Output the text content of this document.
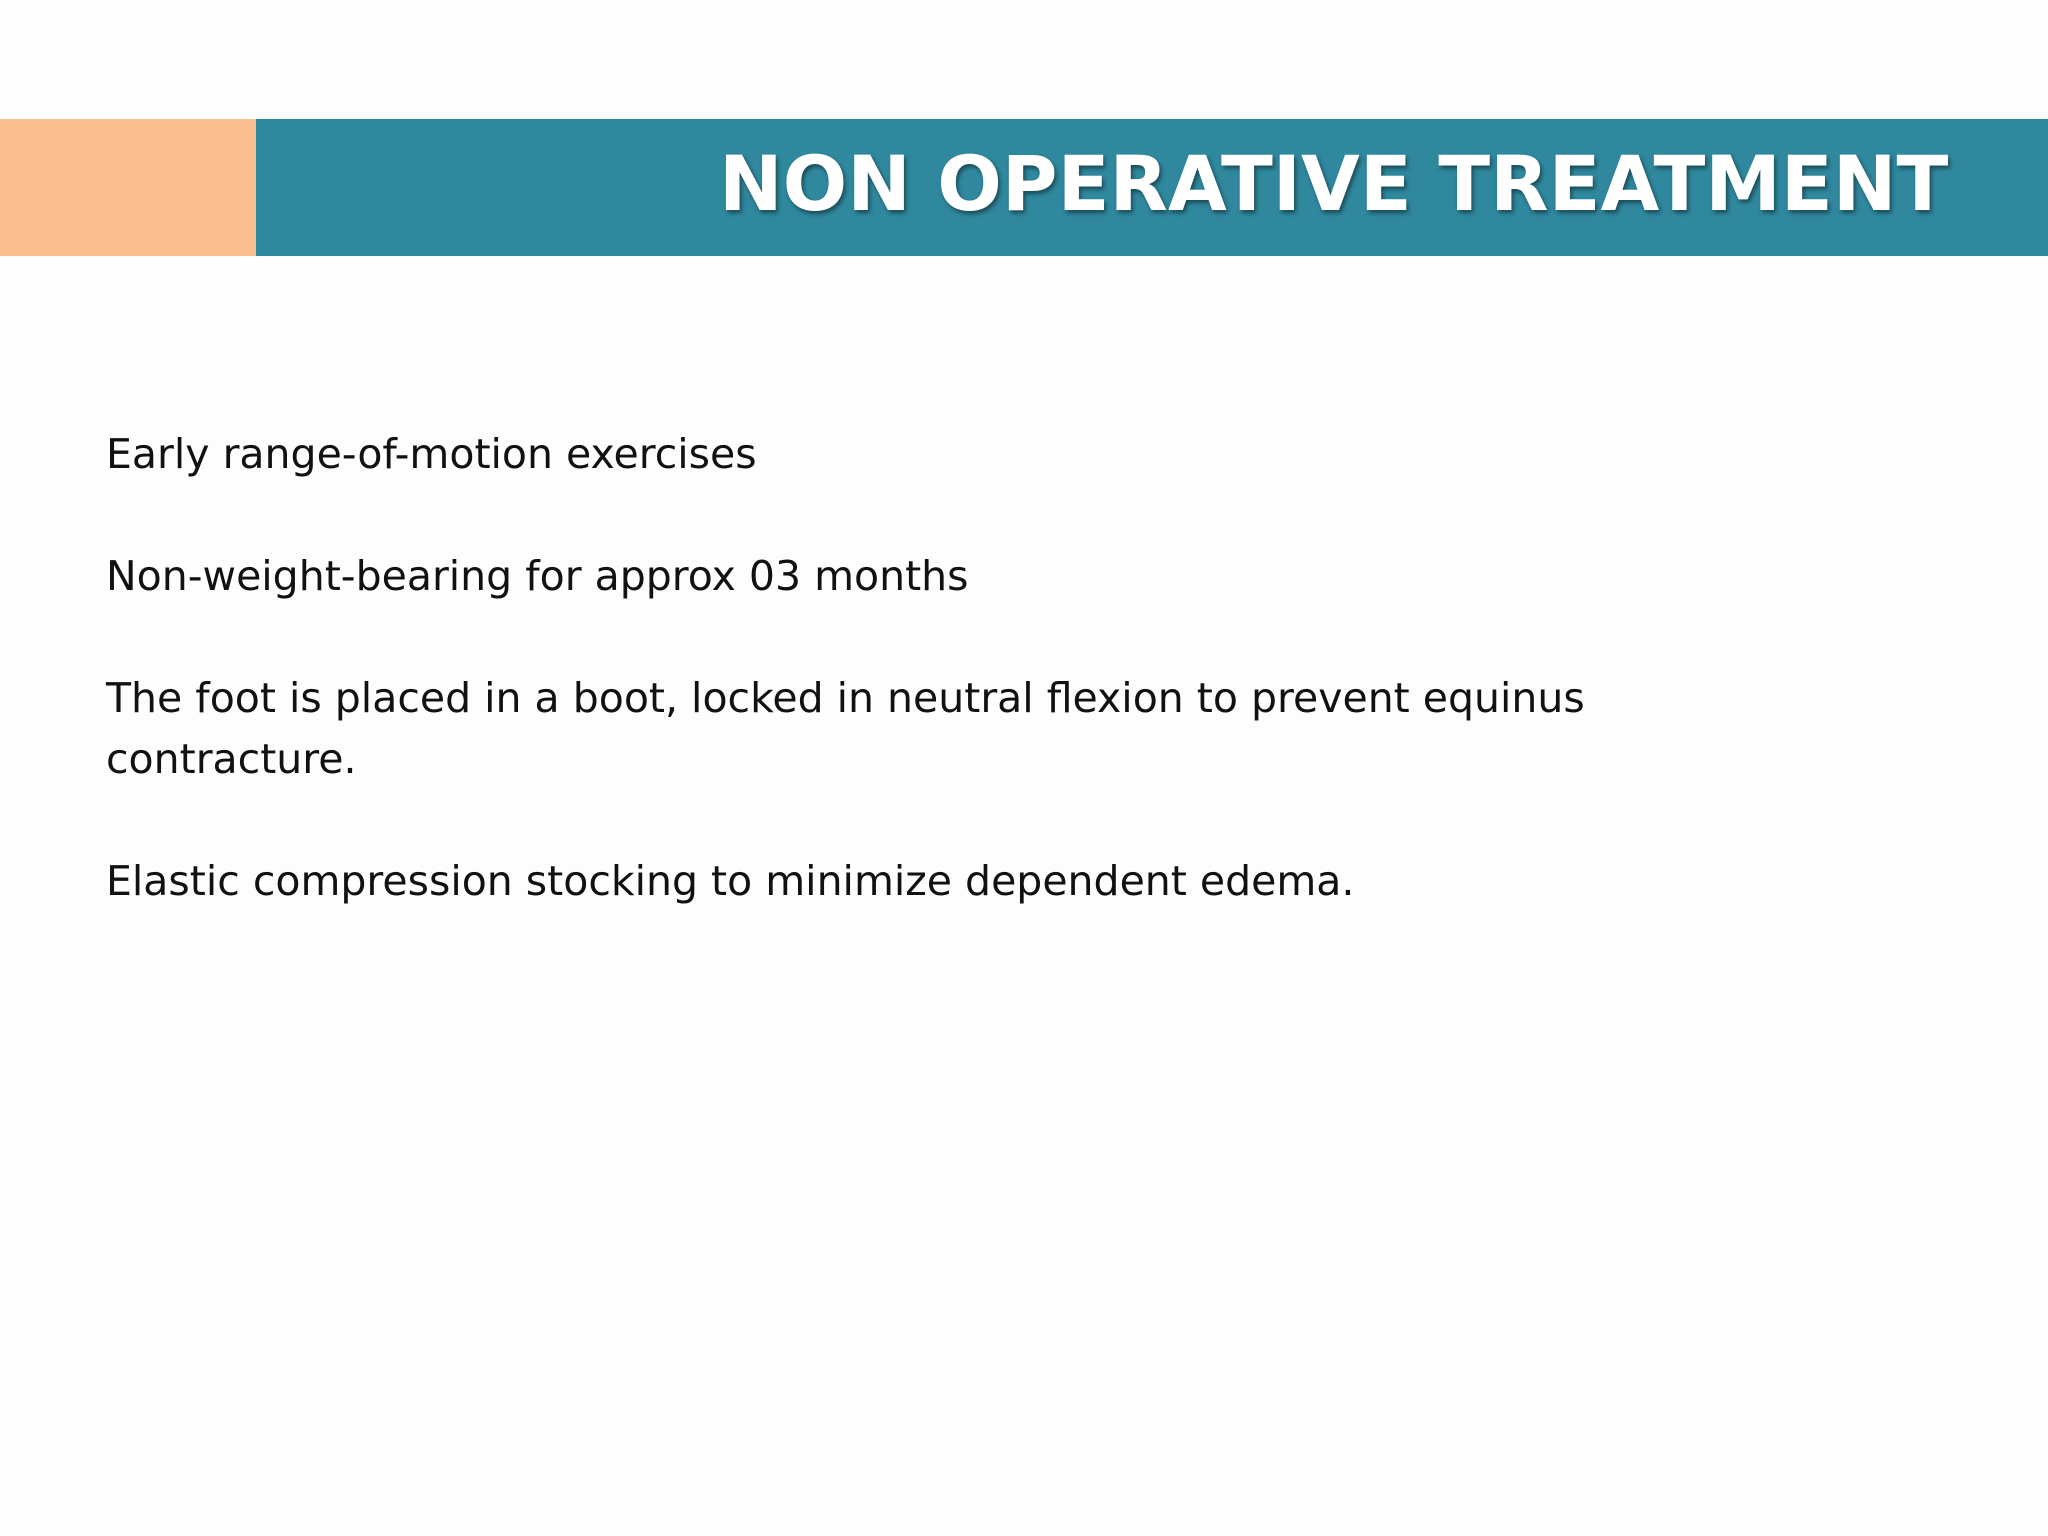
NON OPERATIVE TREATMENT

Early range-of-motion exercises

Non-weight-bearing for approx 03 months

The foot is placed in a boot, locked in neutral flexion to prevent equinus contracture.

Elastic compression stocking to minimize dependent edema.
